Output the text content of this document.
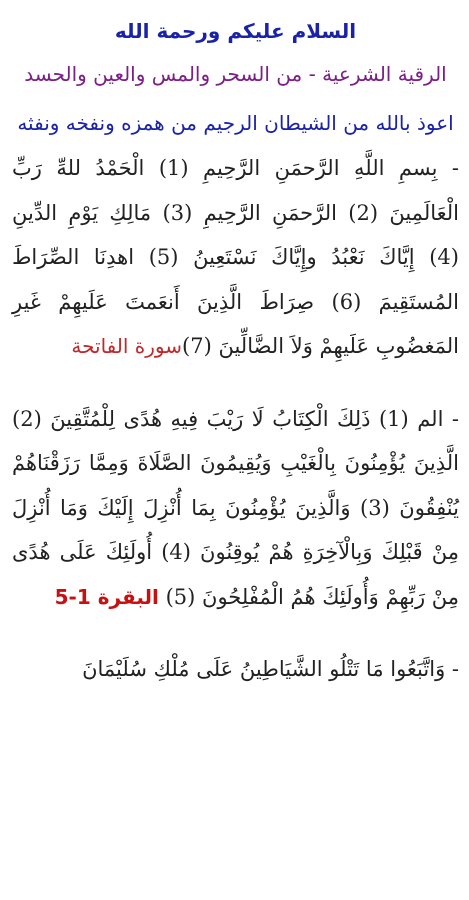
السلام عليكم ورحمة الله
الرقية الشرعية - من السحر والمس والعين والحسد
اعوذ بالله من الشيطان الرجيم من همزه ونفخه ونفثه

- بِسمِ اللَّهِ الرَّحمَنِ الرَّحِيمِ (1) الْحَمْدُ للهِّ رَبِّ الْعَالَمِينَ (2) الرَّحمَنِ الرَّحِيمِ (3) مَالِكِ يَوْمِ الدِّينِ (4) إِيَّاكَ نَعْبُدُ وإِيَّاكَ نَسْتَعِينُ (5) اهدِنَا الصِّرَاطَ المُستَقِيمَ (6) صِرَاطَ الَّذِينَ أَنعَمتَ عَلَيهِمْ غَيرِ المَغضُوبِ عَلَيهِمْ وَلاَ الضَّالِّينَ (7)سورة الفاتحة

- الم (1) ذَلِكَ الْكِتَابُ لَا رَيْبَ فِيهِ هُدًى لِلْمُتَّقِينَ (2) الَّذِينَ يُؤْمِنُونَ بِالْغَيْبِ وَيُقِيمُونَ الصَّلَاةَ وَمِمَّا رَزَقْنَاهُمْ يُنْفِقُونَ (3) وَالَّذِينَ يُؤْمِنُونَ بِمَا أُنْزِلَ إِلَيْكَ وَمَا أُنْزِلَ مِنْ قَبْلِكَ وَبِالْآخِرَةِ هُمْ يُوقِنُونَ (4) أُولَئِكَ عَلَى هُدًى مِنْ رَبِّهِمْ وَأُولَئِكَ هُمُ الْمُفْلِحُونَ (5) البقرة 1-5

- وَاتَّبَعُوا مَا تَتْلُو الشَّيَاطِينُ عَلَى مُلْكِ سُلَيْمَانَ
